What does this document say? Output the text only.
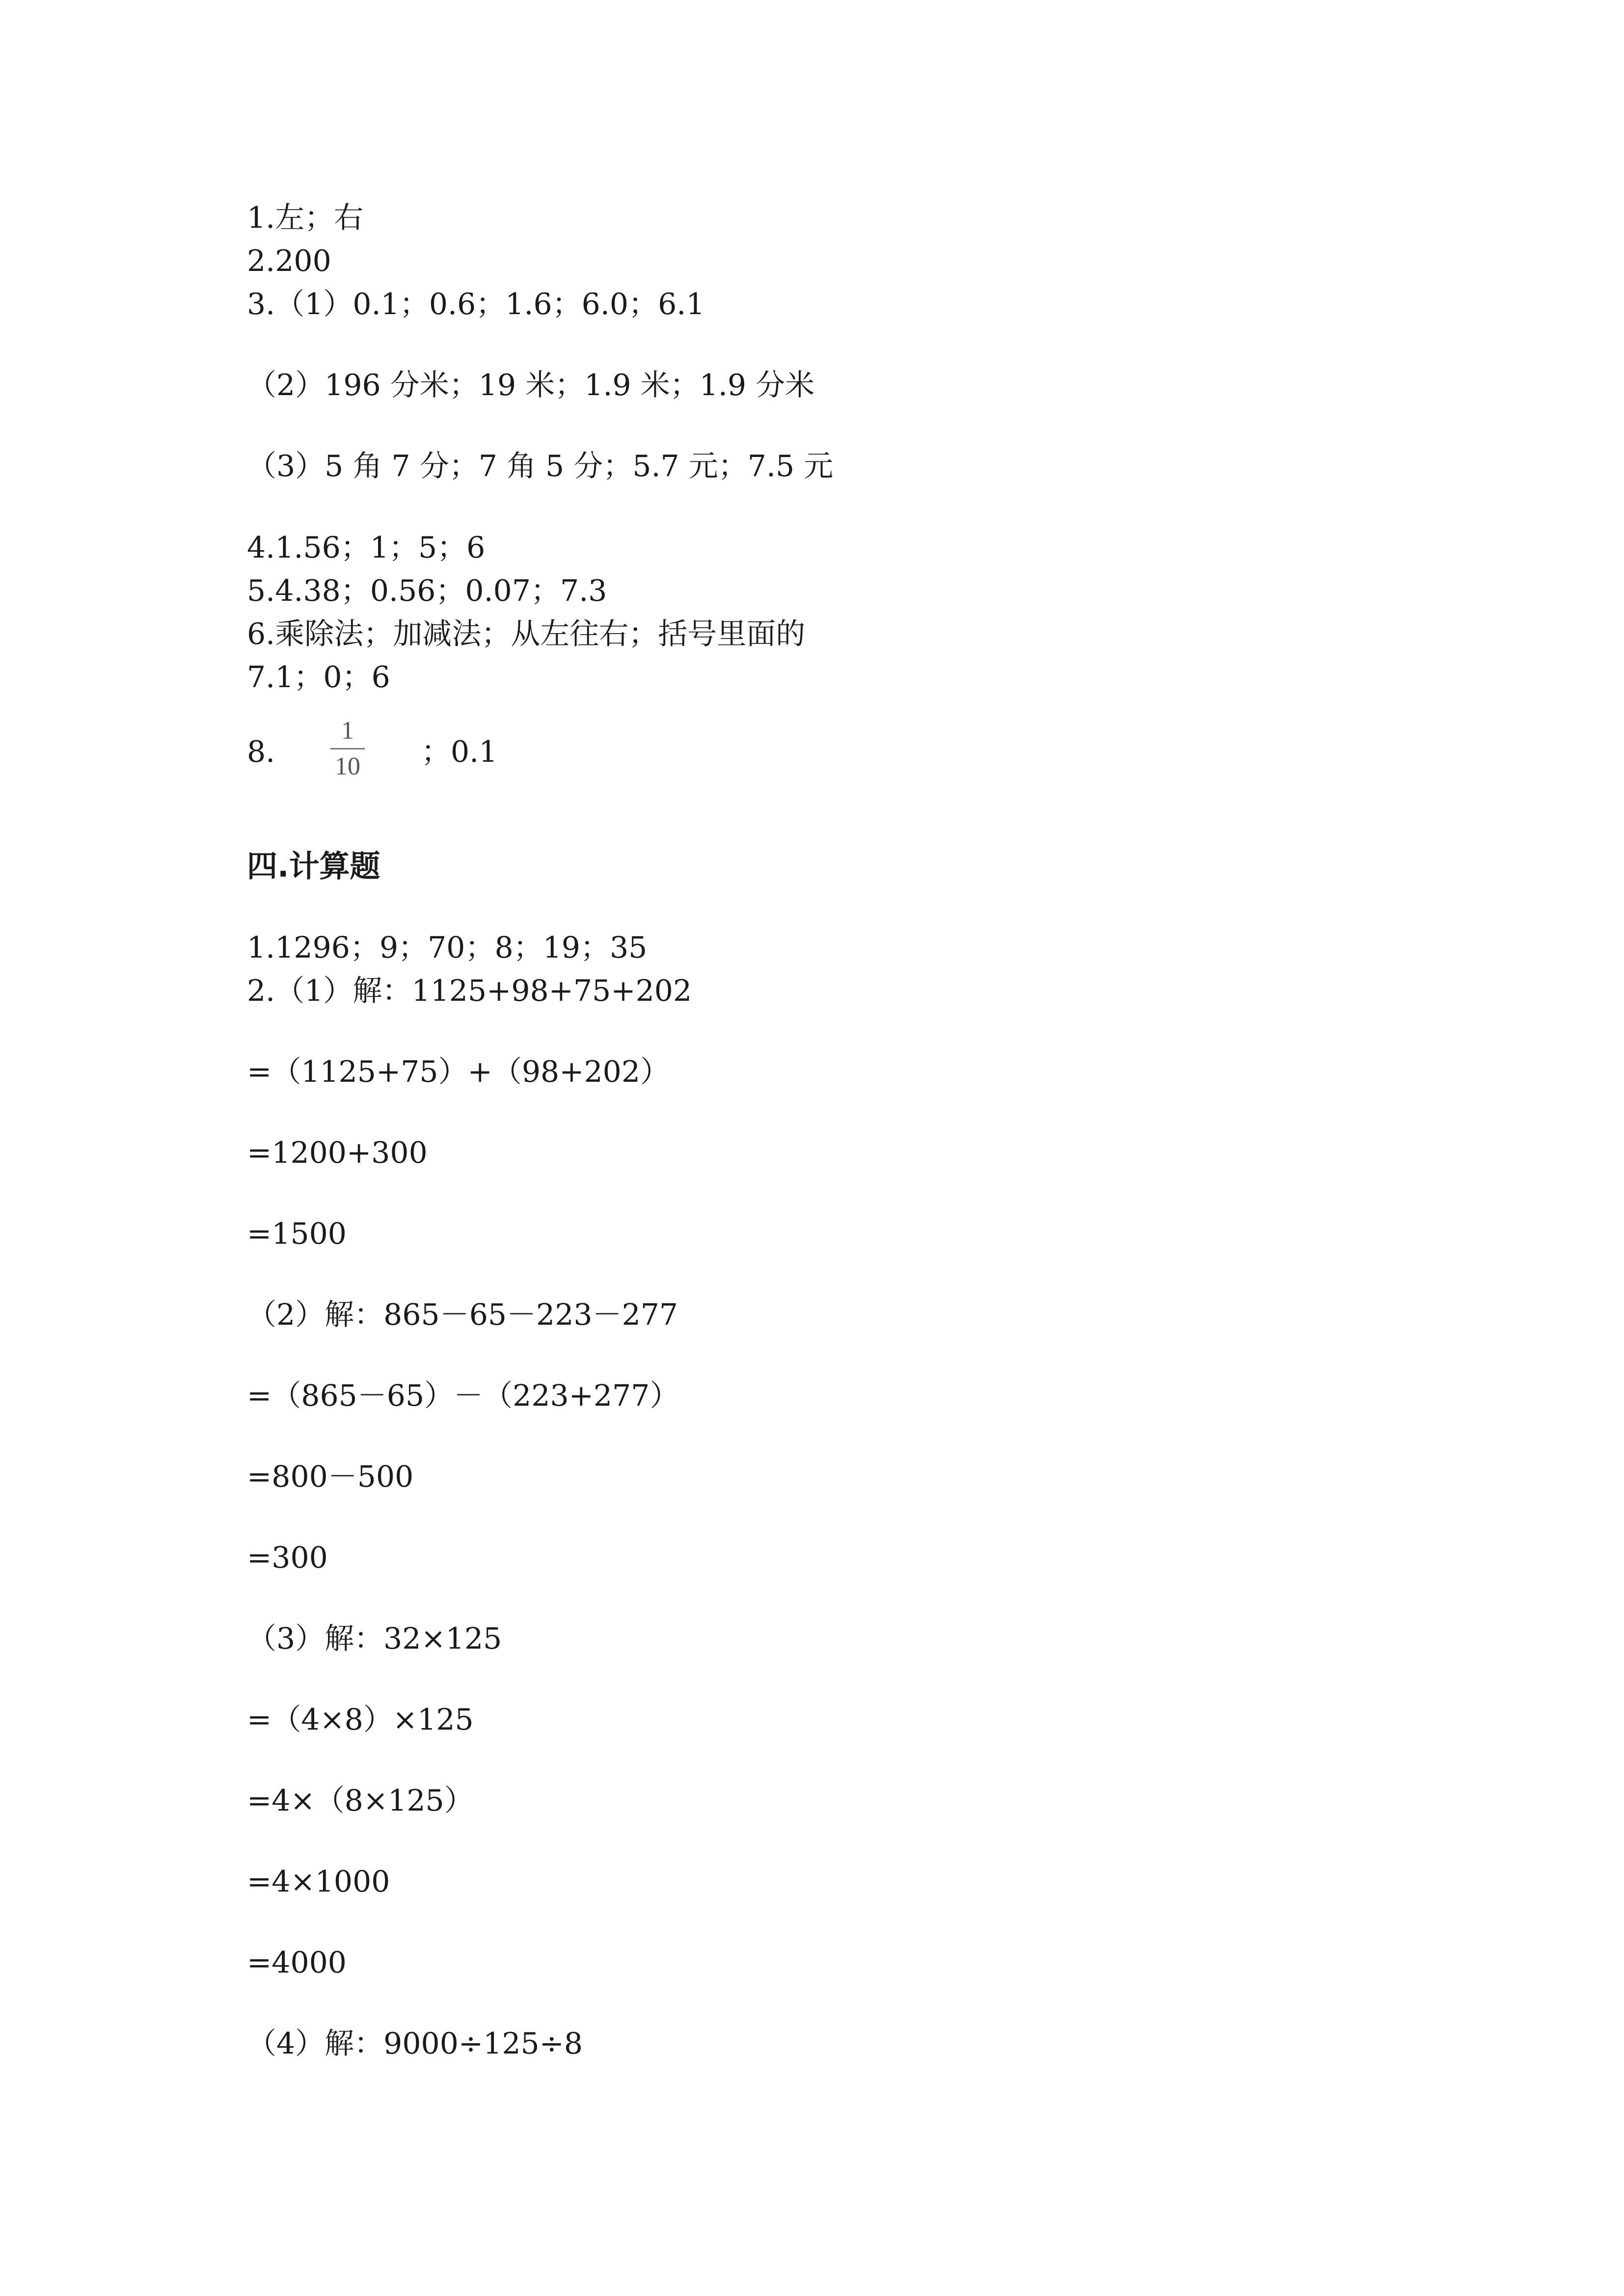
1.左；右
2.200
3.（1）0.1；0.6；1.6；6.0；6.1
（2）196 分米；19 米；1.9 米；1.9 分米
（3）5 角 7 分；7 角 5 分；5.7 元；7.5 元
4.1.56；1；5；6
5.4.38；0.56；0.07；7.3
6.乘除法；加减法；从左往右；括号里面的
7.1；0；6
8.
1
10 ；0.1
四.计算题
1.1296；9；70；8；19；35
2.（1）解：1125+98+75+202
=（1125+75）+（98+202）
=1200+300
=1500
（2）解：865－65－223－277
=（865－65）－（223+277）
=800－500
=300
（3）解：32×125
=（4×8）×125
=4×（8×125）
=4×1000
=4000
（4）解：9000÷125÷8
